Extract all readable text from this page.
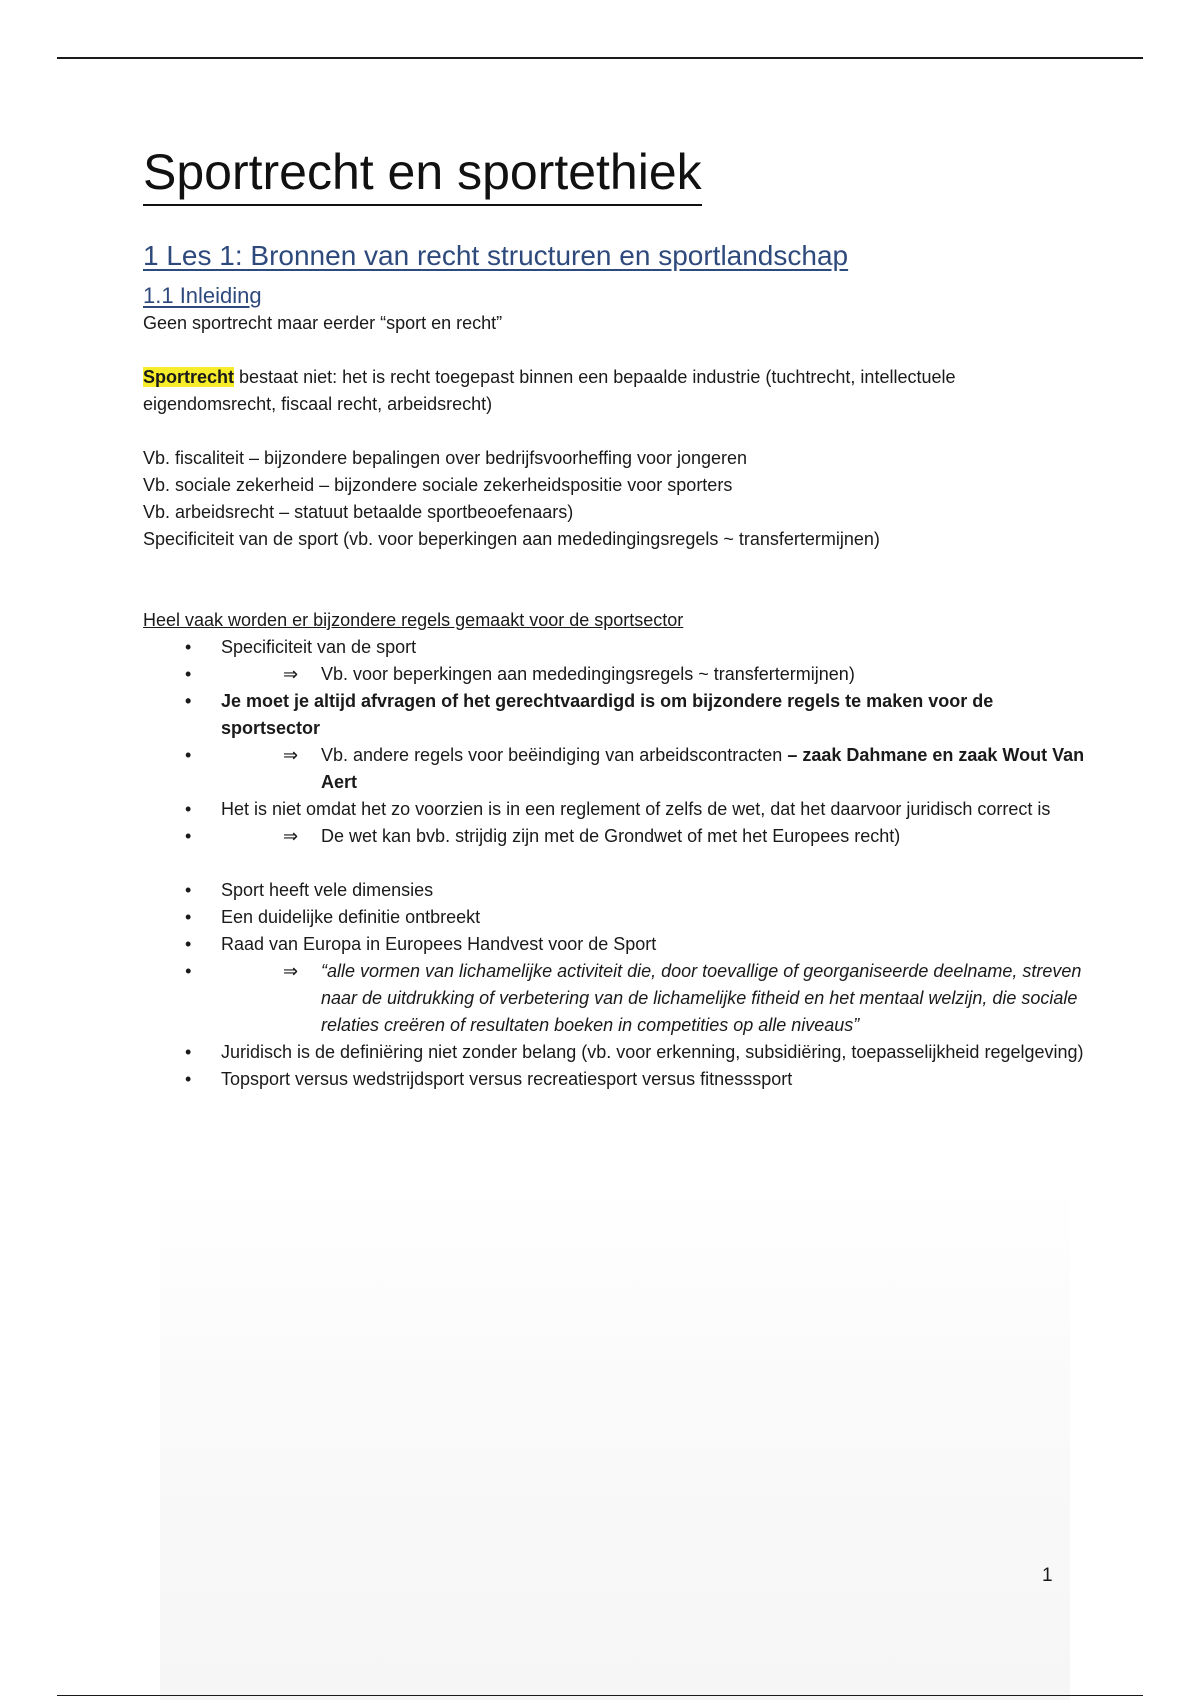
Sportrecht en sportethiek
1 Les 1: Bronnen van recht structuren en sportlandschap
1.1 Inleiding

Geen sportrecht maar eerder “sport en recht”

Sportrecht bestaat niet: het is recht toegepast binnen een bepaalde industrie (tuchtrecht, intellectuele eigendomsrecht, fiscaal recht, arbeidsrecht)

Vb. fiscaliteit – bijzondere bepalingen over bedrijfsvoorheffing voor jongeren

Vb. sociale zekerheid – bijzondere sociale zekerheidspositie voor sporters

Vb. arbeidsrecht – statuut betaalde sportbeoefenaars)

Specificiteit van de sport (vb. voor beperkingen aan mededingingsregels ~ transfertermijnen)

Heel vaak worden er bijzondere regels gemaakt voor de sportsector

• Specificiteit van de sport
• ⇒ Vb. voor beperkingen aan mededingingsregels ~ transfertermijnen)
• Je moet je altijd afvragen of het gerechtvaardigd is om bijzondere regels te maken voor de sportsector
• ⇒ Vb. andere regels voor beëindiging van arbeidscontracten – zaak Dahmane en zaak Wout Van Aert
• Het is niet omdat het zo voorzien is in een reglement of zelfs de wet, dat het daarvoor juridisch correct is
• ⇒ De wet kan bvb. strijdig zijn met de Grondwet of met het Europees recht)
• Sport heeft vele dimensies
• Een duidelijke definitie ontbreekt
• Raad van Europa in Europees Handvest voor de Sport
• ⇒ “alle vormen van lichamelijke activiteit die, door toevallige of georganiseerde deelname, streven naar de uitdrukking of verbetering van de lichamelijke fitheid en het mentaal welzijn, die sociale relaties creëren of resultaten boeken in competities op alle niveaus”
• Juridisch is de definiëring niet zonder belang (vb. voor erkenning, subsidiëring, toepasselijkheid regelgeving)
• Topsport versus wedstrijdsport versus recreatiesport versus fitnesssport
1
